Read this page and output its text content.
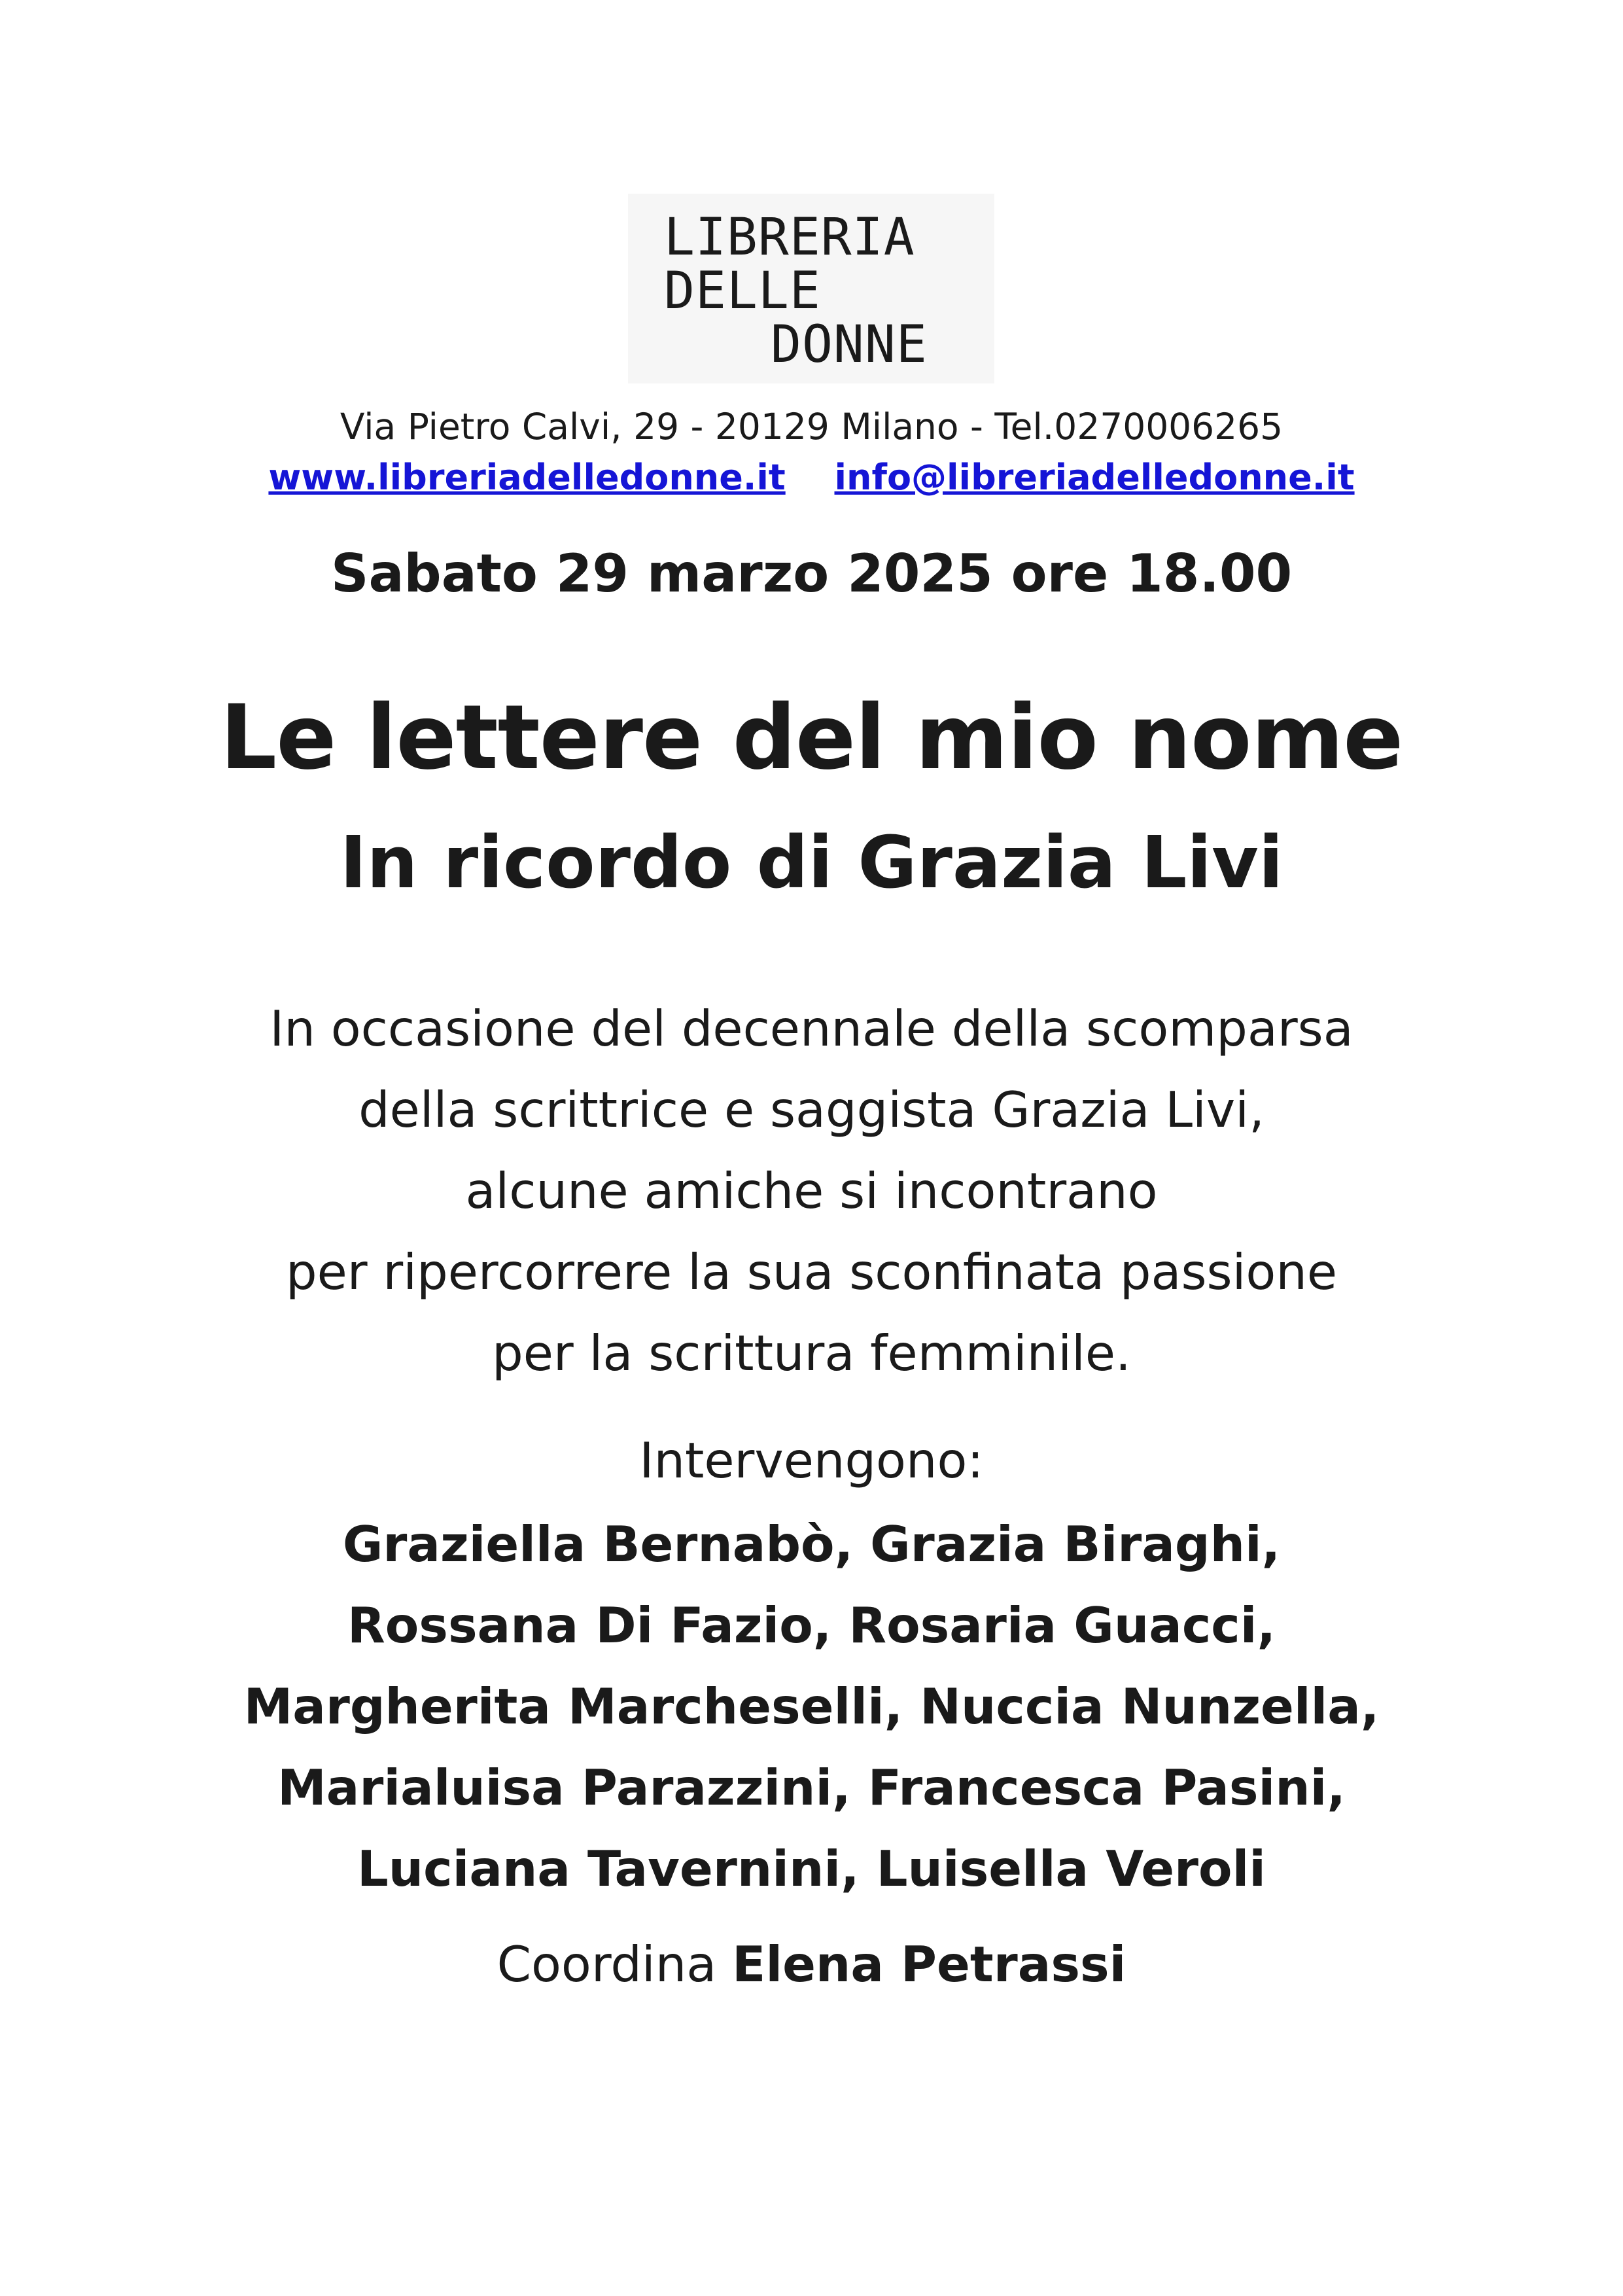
LIBRERIA
DELLE
DONNE
Via Pietro Calvi, 29 - 20129 Milano - Tel.0270006265
www.libreriadelledonne.it info@libreriadelledonne.it
Sabato 29 marzo 2025 ore 18.00
Le lettere del mio nome
In ricordo di Grazia Livi
In occasione del decennale della scomparsa
della scrittrice e saggista Grazia Livi,
alcune amiche si incontrano
per ripercorrere la sua sconfinata passione
per la scrittura femminile.
Intervengono:
Graziella Bernabò, Grazia Biraghi,
Rossana Di Fazio, Rosaria Guacci,
Margherita Marcheselli, Nuccia Nunzella,
Marialuisa Parazzini, Francesca Pasini,
Luciana Tavernini, Luisella Veroli
Coordina Elena Petrassi
